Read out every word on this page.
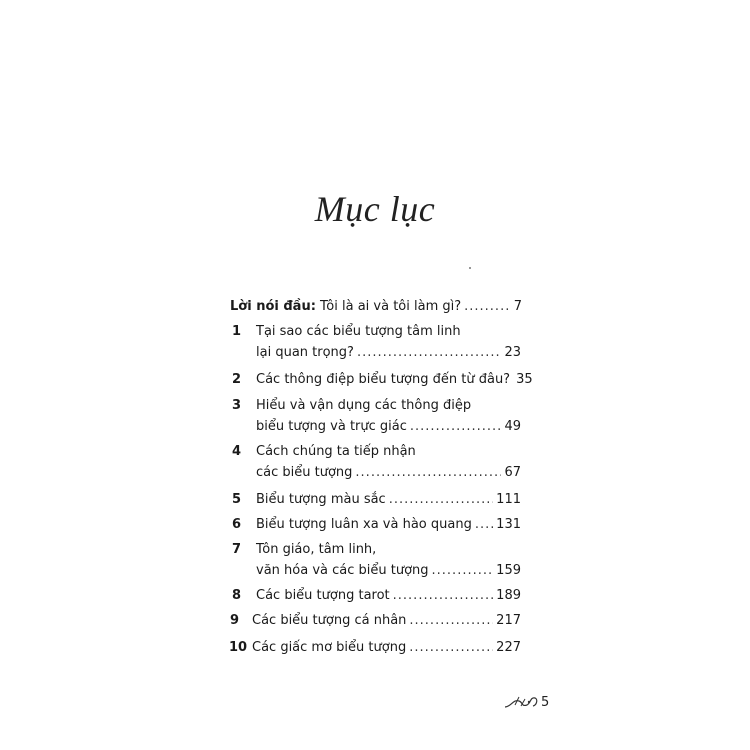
Mục lục
Lời nói đầu:
Tôi là ai và tôi làm gì? .....	7
1 Tại sao các biểu tượng tâm linh
lại quan trọng? .....	23
2 Các thông điệp biểu tượng đến từ đâu? 35
3 Hiểu và vận dụng các thông điệp
biểu tượng và trực giác .....	49
4 Cách chúng ta tiếp nhận
các biểu tượng .....	67
5 Biểu tượng màu sắc .....	111
6 Biểu tượng luân xa và hào quang ..... 131
7 Tôn giáo, tâm linh,
văn hóa và các biểu tượng .....	159
8 Các biểu tượng tarot .....	189
9 Các biểu tượng cá nhân .....	217
10 Các giấc mơ biểu tượng .....	227
5
